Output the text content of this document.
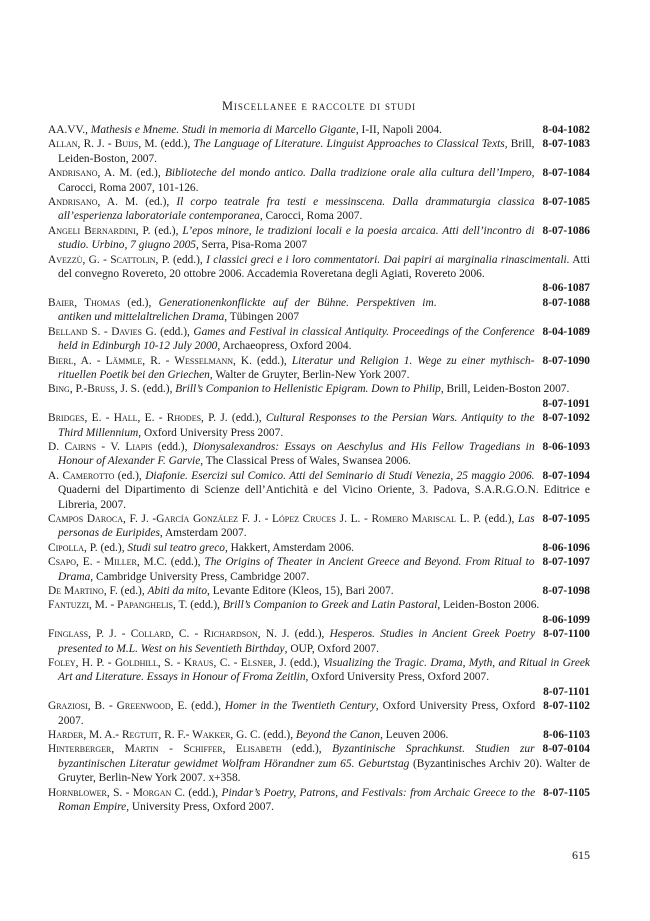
Miscellanee e raccolte di studi
8-04-1082
AA.VV., Mathesis e Mneme. Studi in memoria di Marcello Gigante, I-II, Napoli 2004.
8-07-1083
Allan, R. J. - Buijs, M. (edd.), The Language of Literature. Linguist Approaches to Classical Texts, Brill, Leiden-Boston, 2007.
8-07-1084
Andrisano, A. M. (ed.), Biblioteche del mondo antico. Dalla tradizione orale alla cultura dell’Impero, Carocci, Roma 2007, 101-126.
8-07-1085
Andrisano, A. M. (ed.), Il corpo teatrale fra testi e messinscena. Dalla drammaturgia classica all’esperienza laboratoriale contemporanea, Carocci, Roma 2007.
8-07-1086
Angeli Bernardini, P. (ed.), L’epos minore, le tradizioni locali e la poesia arcaica. Atti dell’incontro di studio. Urbino, 7 giugno 2005, Serra, Pisa-Roma 2007
Avezzù, G. - Scattolin, P. (edd.), I classici greci e i loro commentatori. Dai papiri ai marginalia rinascimentali. Atti del convegno Rovereto, 20 ottobre 2006. Accademia Roveretana degli Agiati, Rovereto 2006.
8-06-1087
8-07-1088
.
Baier, Thomas (ed.), Generationenkonflickte auf der Bühne. Perspektiven im antiken und mittelaltrelichen Drama, Tübingen 2007
8-04-1089
Belland S. - Davies G. (edd.), Games and Festival in classical Antiquity. Proceedings of the Conference held in Edinburgh 10-12 July 2000, Archaeopress, Oxford 2004.
8-07-1090
Bierl, A. - Lämmle, R. - Wesselmann, K. (edd.), Literatur und Religion 1. Wege zu einer mythisch-rituellen Poetik bei den Griechen, Walter de Gruyter, Berlin-New York 2007.
Bing, P.-Bruss, J. S. (edd.), Brill’s Companion to Hellenistic Epigram. Down to Philip, Brill, Leiden-Boston 2007.
8-07-1091
8-07-1092
Bridges, E. - Hall, E. - Rhodes, P. J. (edd.), Cultural Responses to the Persian Wars. Antiquity to the Third Millennium, Oxford University Press 2007.
8-06-1093
D. Cairns - V. Liapis (edd.), Dionysalexandros: Essays on Aeschylus and His Fellow Tragedians in Honour of Alexander F. Garvie, The Classical Press of Wales, Swansea 2006.
8-07-1094
A. Camerotto (ed.), Diafonie. Esercizi sul Comico. Atti del Seminario di Studi Venezia, 25 maggio 2006. Quaderni del Dipartimento di Scienze dell’Antichità e del Vicino Oriente, 3. Padova, S.A.R.G.O.N. Editrice e Libreria, 2007.
8-07-1095
Campos Daroca, F. J. -García González F. J. - López Cruces J. L. - Romero Mariscal L. P. (edd.), Las personas de Euripides, Amsterdam 2007.
8-06-1096
Cipolla, P. (ed.), Studi sul teatro greco, Hakkert, Amsterdam 2006.
8-07-1097
Csapo, E. - Miller, M.C. (edd.), The Origins of Theater in Ancient Greece and Beyond. From Ritual to Drama, Cambridge University Press, Cambridge 2007.
8-07-1098
De Martino, F. (ed.), Abiti da mito, Levante Editore (Kleos, 15), Bari 2007.
Fantuzzi, M. - Papanghelis, T. (edd.), Brill’s Companion to Greek and Latin Pastoral, Leiden-Boston 2006.
8-06-1099
8-07-1100
Finglass, P. J. - Collard, C. - Richardson, N. J. (edd.), Hesperos. Studies in Ancient Greek Poetry presented to M.L. West on his Seventieth Birthday, OUP, Oxford 2007.
Foley, H. P. - Goldhill, S. - Kraus, C. - Elsner, J. (edd.), Visualizing the Tragic. Drama, Myth, and Ritual in Greek Art and Literature. Essays in Honour of Froma Zeitlin, Oxford University Press, Oxford 2007.
8-07-1101
8-07-1102
Graziosi, B. - Greenwood, E. (edd.), Homer in the Twentieth Century, Oxford University Press, Oxford 2007.
8-06-1103
Harder, M. A.- Regtuit, R. F.- Wakker, G. C. (edd.), Beyond the Canon, Leuven 2006.
8-07-0104
Hinterberger, Martin - Schiffer, Elisabeth (edd.), Byzantinische Sprachkunst. Studien zur byzantinischen Literatur gewidmet Wolfram Hörandner zum 65. Geburtstag (Byzantinisches Archiv 20). Walter de Gruyter, Berlin-New York 2007. x+358.
8-07-1105
Hornblower, S. - Morgan C. (edd.), Pindar’s Poetry, Patrons, and Festivals: from Archaic Greece to the Roman Empire, University Press, Oxford 2007.
615
